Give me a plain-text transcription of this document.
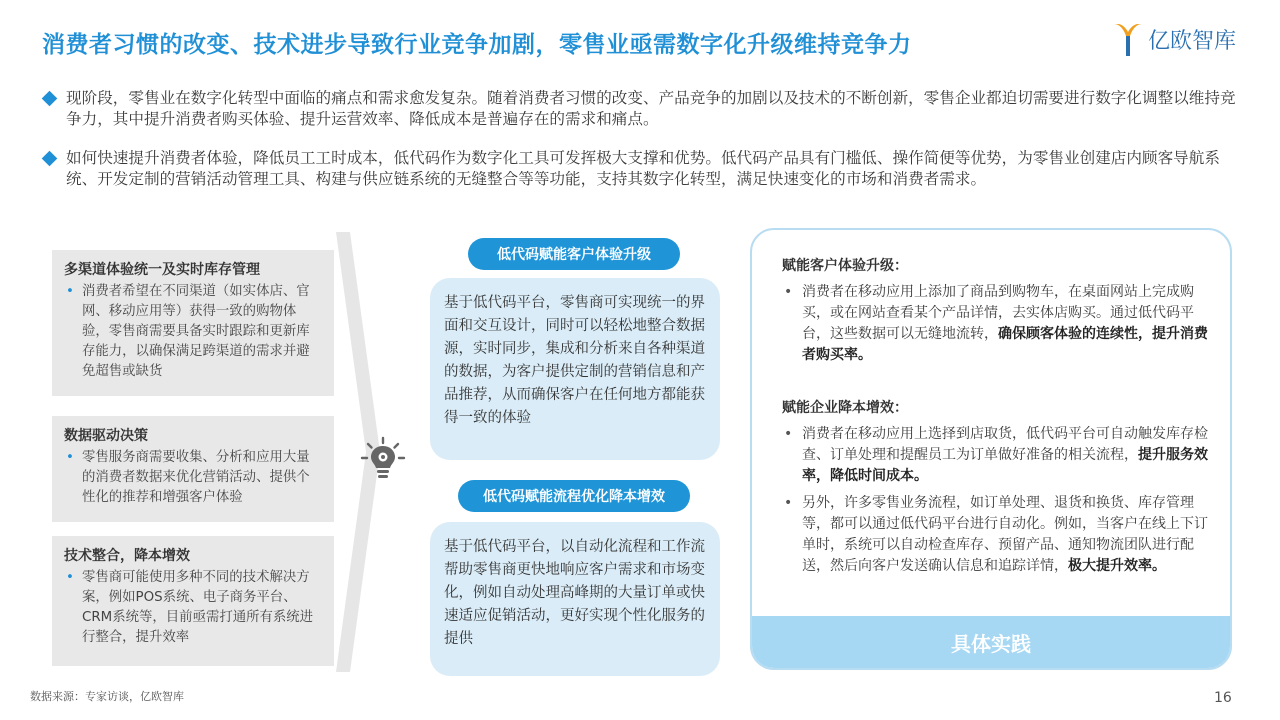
消费者习惯的改变、技术进步导致行业竞争加剧，零售业亟需数字化升级维持竞争力	亿欧智库
现阶段，零售业在数字化转型中面临的痛点和需求愈发复杂。随着消费者习惯的改变、产品竞争的加剧以及技术的不断创新，零售企业都迫切需要进行数字化调整以维持竞争力，其中提升消费者购买体验、提升运营效率、降低成本是普遍存在的需求和痛点。
如何快速提升消费者体验，降低员工工时成本，低代码作为数字化工具可发挥极大支撑和优势。低代码产品具有门槛低、操作简便等优势，为零售业创建店内顾客导航系统、开发定制的营销活动管理工具、构建与供应链系统的无缝整合等等功能，支持其数字化转型，满足快速变化的市场和消费者需求。
多渠道体验统一及实时库存管理
• 消费者希望在不同渠道（如实体店、官网、移动应用等）获得一致的购物体验，零售商需要具备实时跟踪和更新库存能力，以确保满足跨渠道的需求并避免超售或缺货
数据驱动决策
• 零售服务商需要收集、分析和应用大量的消费者数据来优化营销活动、提供个性化的推荐和增强客户体验
技术整合，降本增效
• 零售商可能使用多种不同的技术解决方案，例如POS系统、电子商务平台、CRM系统等，目前亟需打通所有系统进行整合，提升效率
低代码赋能客户体验升级
基于低代码平台，零售商可实现统一的界面和交互设计，同时可以轻松地整合数据源，实时同步，集成和分析来自各种渠道的数据，为客户提供定制的营销信息和产品推荐，从而确保客户在任何地方都能获得一致的体验
低代码赋能流程优化降本增效
基于低代码平台，以自动化流程和工作流帮助零售商更快地响应客户需求和市场变化，例如自动处理高峰期的大量订单或快速适应促销活动，更好实现个性化服务的提供
赋能客户体验升级：
• 消费者在移动应用上添加了商品到购物车，在桌面网站上完成购买，或在网站查看某个产品详情，去实体店购买。通过低代码平台，这些数据可以无缝地流转，确保顾客体验的连续性，提升消费者购买率。
赋能企业降本增效：
• 消费者在移动应用上选择到店取货，低代码平台可自动触发库存检查、订单处理和提醒员工为订单做好准备的相关流程，提升服务效率，降低时间成本。
• 另外，许多零售业务流程，如订单处理、退货和换货、库存管理等，都可以通过低代码平台进行自动化。例如，当客户在线上下订单时，系统可以自动检查库存、预留产品、通知物流团队进行配送，然后向客户发送确认信息和追踪详情，极大提升效率。
具体实践
数据来源：专家访谈，亿欧智库	16
